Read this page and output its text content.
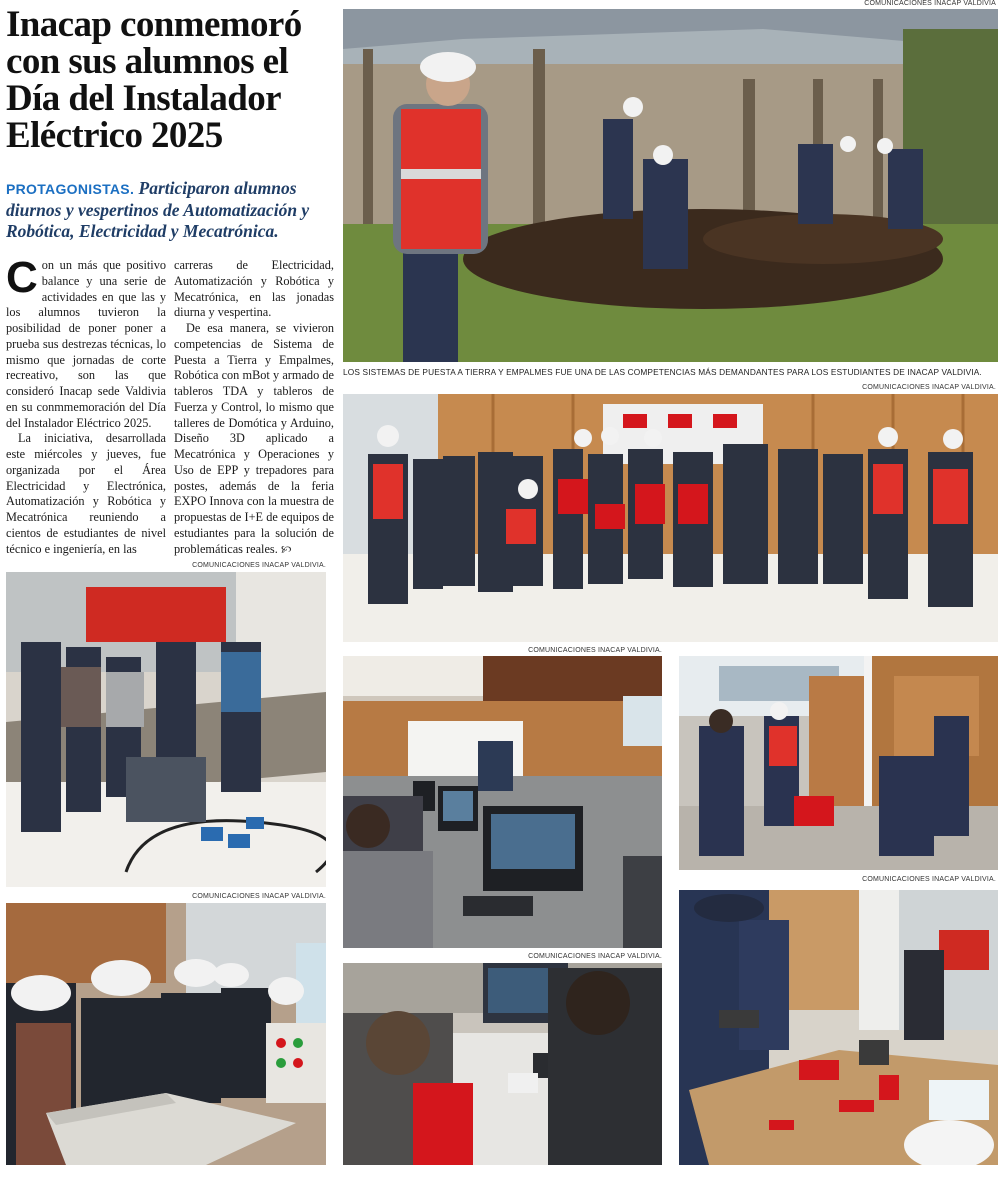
Inacap conmemoró con sus alumnos el Día del Instalador Eléctrico 2025

PROTAGONISTAS. Participaron alumnos diurnos y vespertinos de Automatización y Robótica, Electricidad y Mecatrónica.

Con un más que positivo balance y una serie de actividades en que las y los alumnos tuvieron la posibilidad de poner poner a prueba sus destrezas técnicas, lo mismo que jornadas de corte recreativo, son las que consideró Inacap sede Valdivia en su conmmemoración del Día del Instalador Eléctrico 2025.

La iniciativa, desarrollada este miércoles y jueves, fue organizada por el Área Electricidad y Electrónica, Automatización y Robótica y Mecatrónica reuniendo a cientos de estudiantes de nivel técnico e ingeniería, en las

carreras de Electricidad, Automatización y Robótica y Mecatrónica, en las jonadas diurna y vespertina.

De esa manera, se vivieron competencias de Sistema de Puesta a Tierra y Empalmes, Robótica con mBot y armado de tableros TDA y tableros de Fuerza y Control, lo mismo que talleres de Domótica y Arduino, Diseño 3D aplicado a Mecatrónica y Operaciones y Uso de EPP y trepadores para postes, además de la feria EXPO Innova con la muestra de propuestas de I+E de equipos de estudiantes para la solución de problemáticas reales. 🙡

COMUNICACIONES INACAP VALDIVIA
LOS SISTEMAS DE PUESTA A TIERRA Y EMPALMES FUE UNA DE LAS COMPETENCIAS MÁS DEMANDANTES PARA LOS ESTUDIANTES DE INACAP VALDIVIA.
COMUNICACIONES INACAP VALDIVIA.
COMUNICACIONES INACAP VALDIVIA.
COMUNICACIONES INACAP VALDIVIA.
COMUNICACIONES INACAP VALDIVIA.
COMUNICACIONES INACAP VALDIVIA.
COMUNICACIONES INACAP VALDIVIA.
